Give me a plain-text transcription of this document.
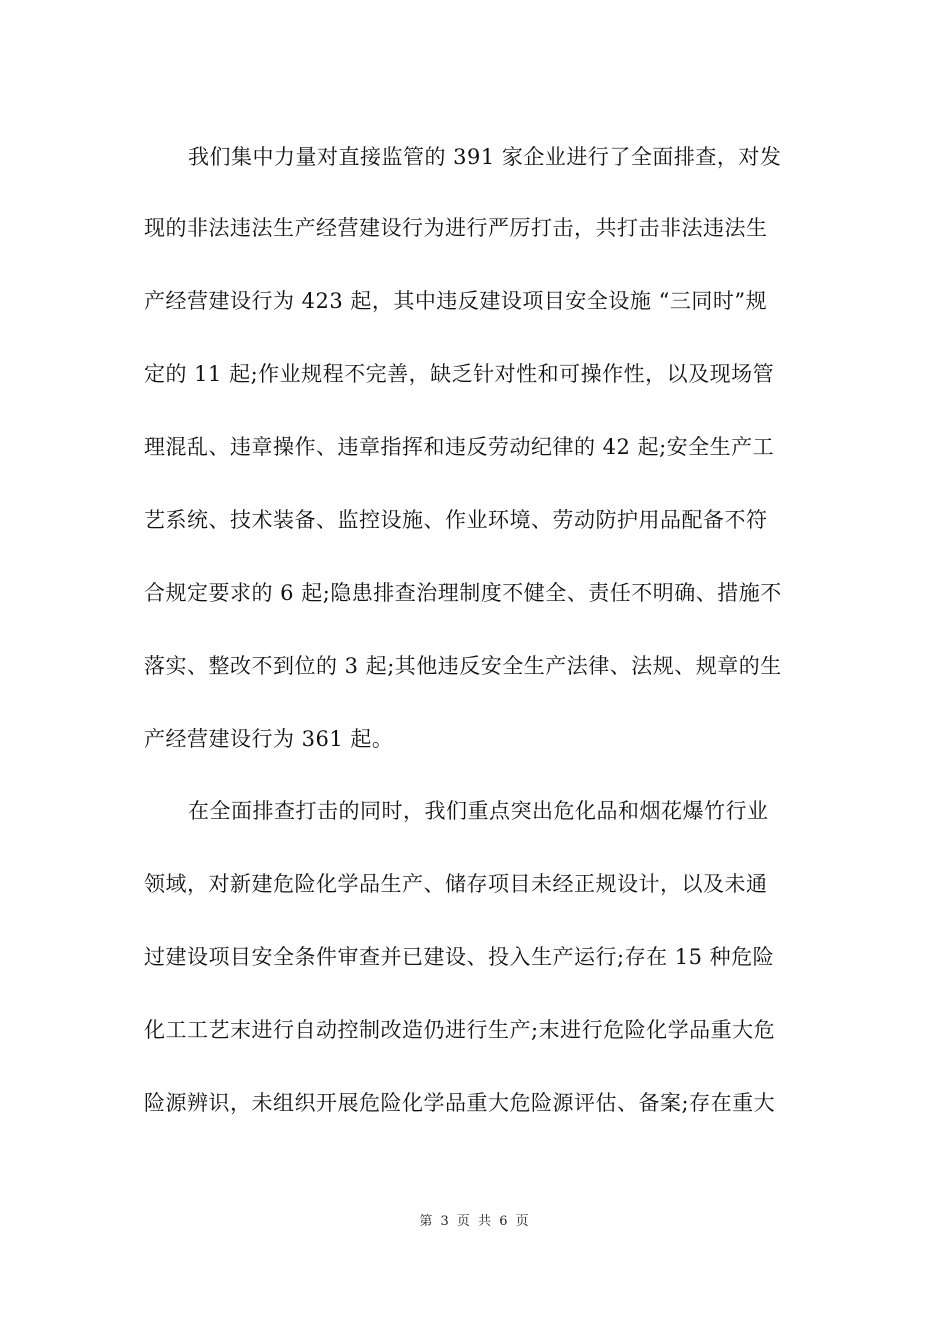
我们集中力量对直接监管的 391 家企业进行了全面排查，对发
现的非法违法生产经营建设行为进行严厉打击，共打击非法违法生
产经营建设行为 423 起，其中违反建设项目安全设施 “三同时”规
定的 11 起;作业规程不完善，缺乏针对性和可操作性，以及现场管
理混乱、违章操作、违章指挥和违反劳动纪律的 42 起;安全生产工
艺系统、技术装备、监控设施、作业环境、劳动防护用品配备不符
合规定要求的 6 起;隐患排查治理制度不健全、责任不明确、措施不
落实、整改不到位的 3 起;其他违反安全生产法律、法规、规章的生
产经营建设行为 361 起。
在全面排查打击的同时，我们重点突出危化品和烟花爆竹行业
领域，对新建危险化学品生产、储存项目未经正规设计，以及未通
过建设项目安全条件审查并已建设、投入生产运行;存在 15 种危险
化工工艺末进行自动控制改造仍进行生产;末进行危险化学品重大危
险源辨识，未组织开展危险化学品重大危险源评估、备案;存在重大
第 3 页 共 6 页
